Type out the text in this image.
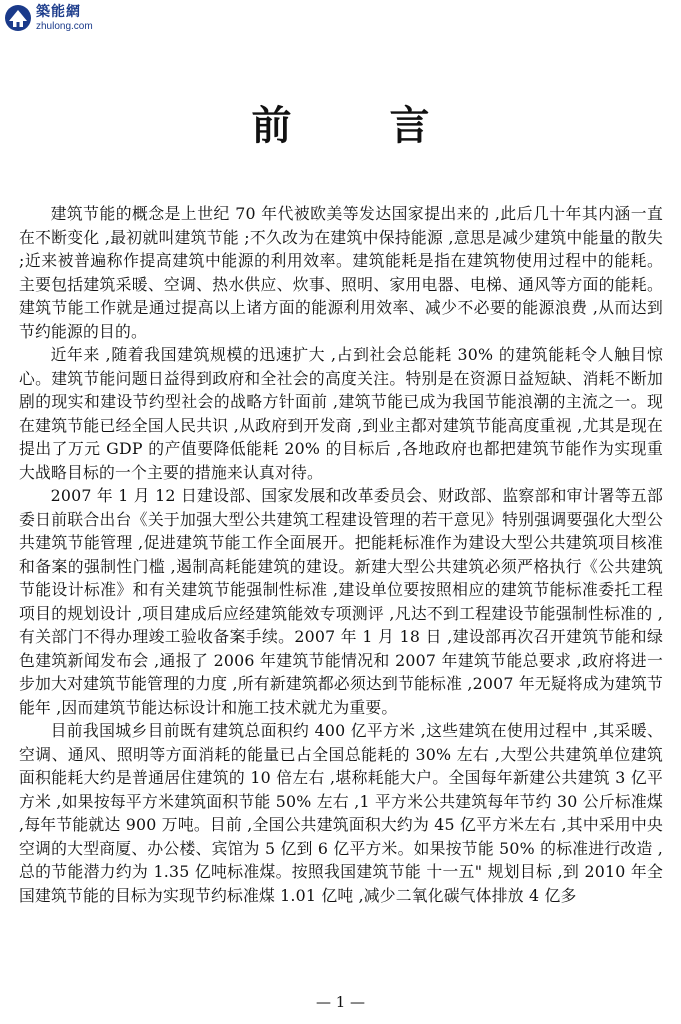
築能網
zhulong.com
前 言

建筑节能的概念是上世纪 70 年代被欧美等发达国家提出来的 ,此后几十年其内涵一直在不断变化 ,最初就叫建筑节能 ;不久改为在建筑中保持能源 ,意思是减少建筑中能量的散失 ;近来被普遍称作提高建筑中能源的利用效率。建筑能耗是指在建筑物使用过程中的能耗。主要包括建筑采暖、空调、热水供应、炊事、照明、家用电器、电梯、通风等方面的能耗。建筑节能工作就是通过提高以上诸方面的能源利用效率、减少不必要的能源浪费 ,从而达到节约能源的目的。

近年来 ,随着我国建筑规模的迅速扩大 ,占到社会总能耗 30% 的建筑能耗令人触目惊心。建筑节能问题日益得到政府和全社会的高度关注。特别是在资源日益短缺、消耗不断加剧的现实和建设节约型社会的战略方针面前 ,建筑节能已成为我国节能浪潮的主流之一。现在建筑节能已经全国人民共识 ,从政府到开发商 ,到业主都对建筑节能高度重视 ,尤其是现在提出了万元 GDP 的产值要降低能耗 20% 的目标后 ,各地政府也都把建筑节能作为实现重大战略目标的一个主要的措施来认真对待。

2007 年 1 月 12 日建设部、国家发展和改革委员会、财政部、监察部和审计署等五部委日前联合出台《关于加强大型公共建筑工程建设管理的若干意见》特别强调要强化大型公共建筑节能管理 ,促进建筑节能工作全面展开。把能耗标准作为建设大型公共建筑项目核准和备案的强制性门槛 ,遏制高耗能建筑的建设。新建大型公共建筑必须严格执行《公共建筑节能设计标准》和有关建筑节能强制性标准 ,建设单位要按照相应的建筑节能标准委托工程项目的规划设计 ,项目建成后应经建筑能效专项测评 ,凡达不到工程建设节能强制性标准的 ,有关部门不得办理竣工验收备案手续。2007 年 1 月 18 日 ,建设部再次召开建筑节能和绿色建筑新闻发布会 ,通报了 2006 年建筑节能情况和 2007 年建筑节能总要求 ,政府将进一步加大对建筑节能管理的力度 ,所有新建筑都必须达到节能标准 ,2007 年无疑将成为建筑节能年 ,因而建筑节能达标设计和施工技术就尤为重要。

目前我国城乡目前既有建筑总面积约 400 亿平方米 ,这些建筑在使用过程中 ,其采暖、空调、通风、照明等方面消耗的能量已占全国总能耗的 30% 左右 ,大型公共建筑单位建筑面积能耗大约是普通居住建筑的 10 倍左右 ,堪称耗能大户。全国每年新建公共建筑 3 亿平方米 ,如果按每平方米建筑面积节能 50% 左右 ,1 平方米公共建筑每年节约 30 公斤标准煤 ,每年节能就达 900 万吨。目前 ,全国公共建筑面积大约为 45 亿平方米左右 ,其中采用中央空调的大型商厦、办公楼、宾馆为 5 亿到 6 亿平方米。如果按节能 50% 的标准进行改造 ,总的节能潜力约为 1.35 亿吨标准煤。按照我国建筑节能 十一五" 规划目标 ,到 2010 年全国建筑节能的目标为实现节约标准煤 1.01 亿吨 ,减少二氧化碳气体排放 4 亿多

— 1 —
